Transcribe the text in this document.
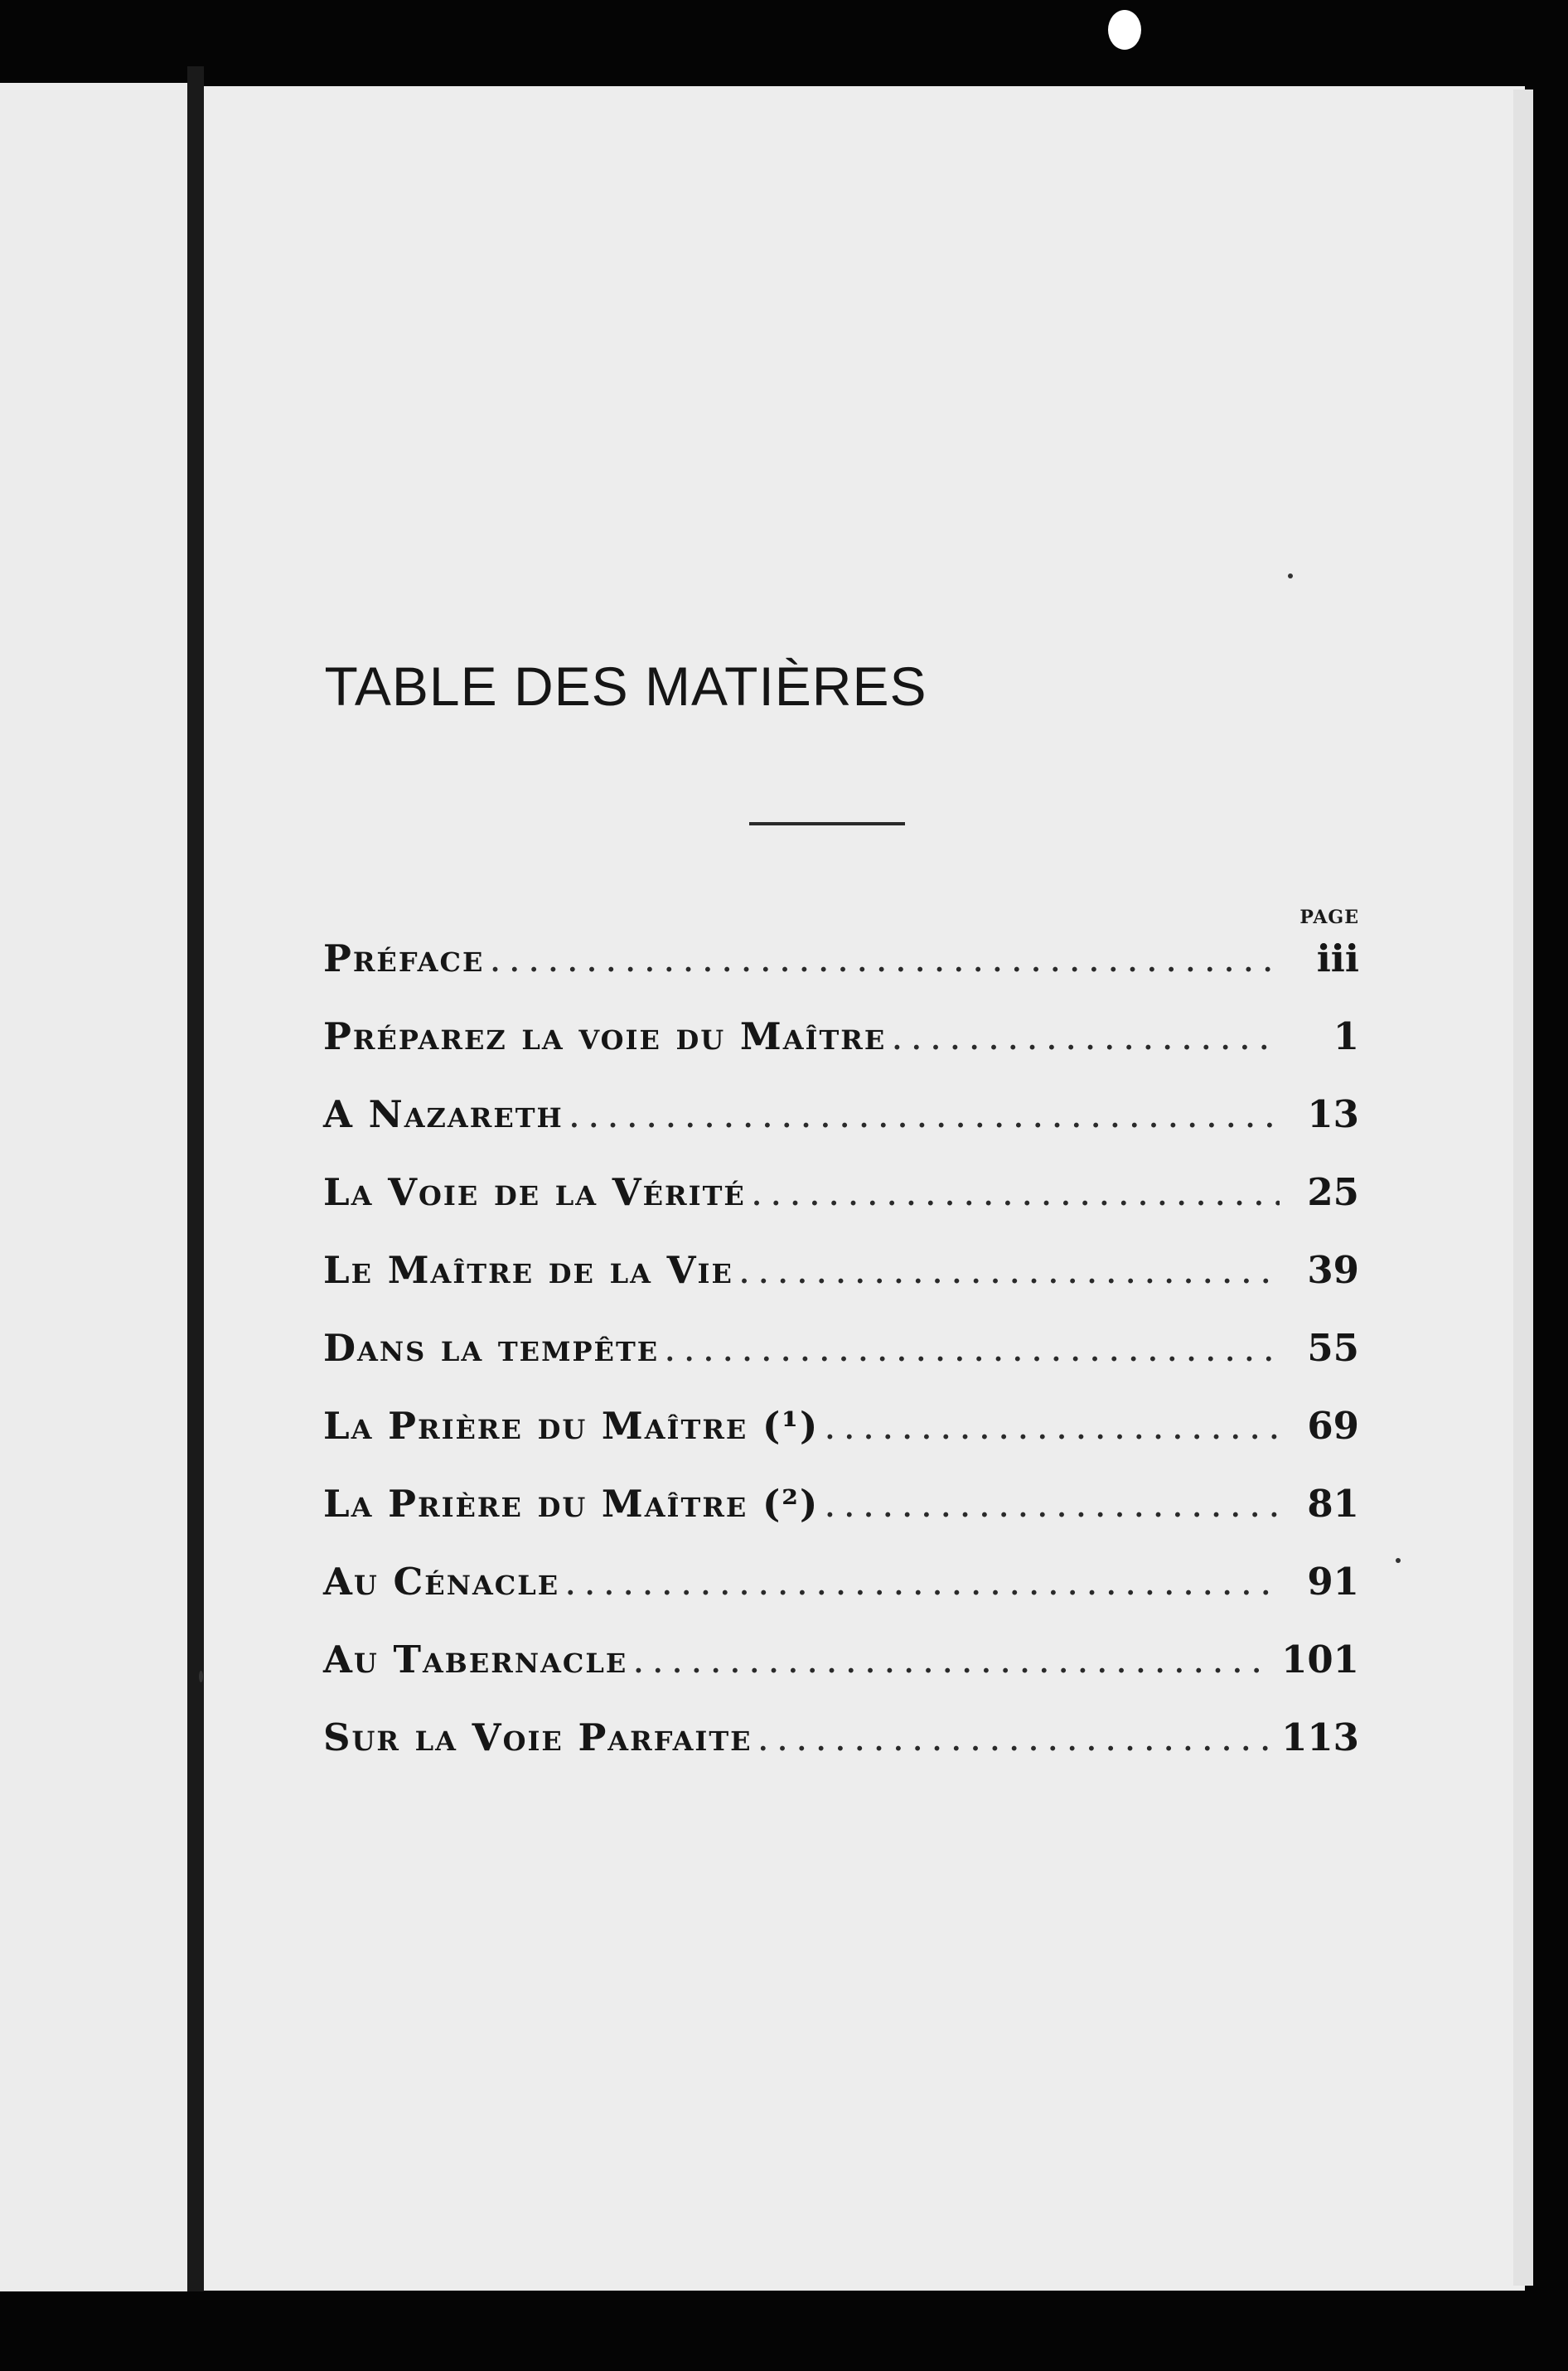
TABLE DES MATIÈRES
PAGE
Préface .....	iii
Préparez la voie du Maître .....	1
A Nazareth .....	13
La Voie de la Vérité .....	25
Le Maître de la Vie .....	39
Dans la tempête .....	55
La Prière du Maître (¹) .....	69
La Prière du Maître (²) .....	81
Au Cénacle .....	91
Au Tabernacle .....	101
Sur la Voie Parfaite .....	113
